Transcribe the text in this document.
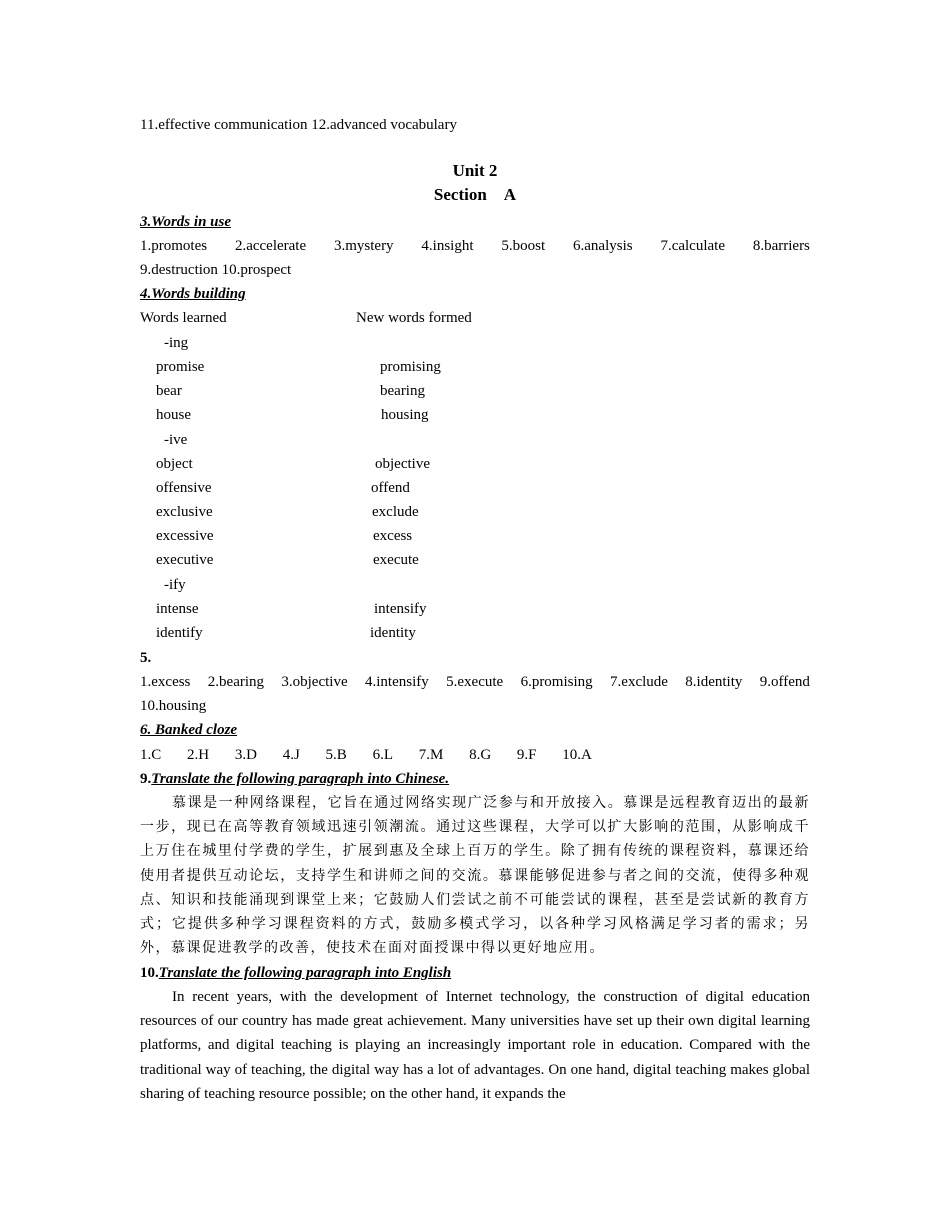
11.effective communication 12.advanced vocabulary
Unit 2
Section　A
3.Words in use
1.promotes 2.accelerate 3.mystery 4.insight 5.boost 6.analysis 7.calculate 8.barriers
9.destruction 10.prospect
4.Words building
Words learned	New words formed
-ing
promise	promising
bear	bearing
house	housing
-ive
object	objective
offensive	offend
exclusive	exclude
excessive	excess
executive	execute
-ify
intense	intensify
identify	identity
5.
1.excess 2.bearing 3.objective 4.intensify 5.execute 6.promising 7.exclude 8.identity 9.offend
10.housing
6. Banked cloze
1.C 2.H 3.D 4.J 5.B 6.L 7.M 8.G 9.F 10.A
9.Translate the following paragraph into Chinese.
慕课是一种网络课程，它旨在通过网络实现广泛参与和开放接入。慕课是远程教育迈出的最新一步，现已在高等教育领域迅速引领潮流。通过这些课程，大学可以扩大影响的范围，从影响成千上万住在城里付学费的学生，扩展到惠及全球上百万的学生。除了拥有传统的课程资料，慕课还给使用者提供互动论坛，支持学生和讲师之间的交流。慕课能够促进参与者之间的交流，使得多种观点、知识和技能涌现到课堂上来；它鼓励人们尝试之前不可能尝试的课程，甚至是尝试新的教育方式；它提供多种学习课程资料的方式，鼓励多模式学习，以各种学习风格满足学习者的需求；另外，慕课促进教学的改善，使技术在面对面授课中得以更好地应用。
10.Translate the following paragraph into English
In recent years, with the development of Internet technology, the construction of digital education resources of our country has made great achievement. Many universities have set up their own digital learning platforms, and digital teaching is playing an increasingly important role in education. Compared with the traditional way of teaching, the digital way has a lot of advantages. On one hand, digital teaching makes global sharing of teaching resource possible; on the other hand, it expands the
